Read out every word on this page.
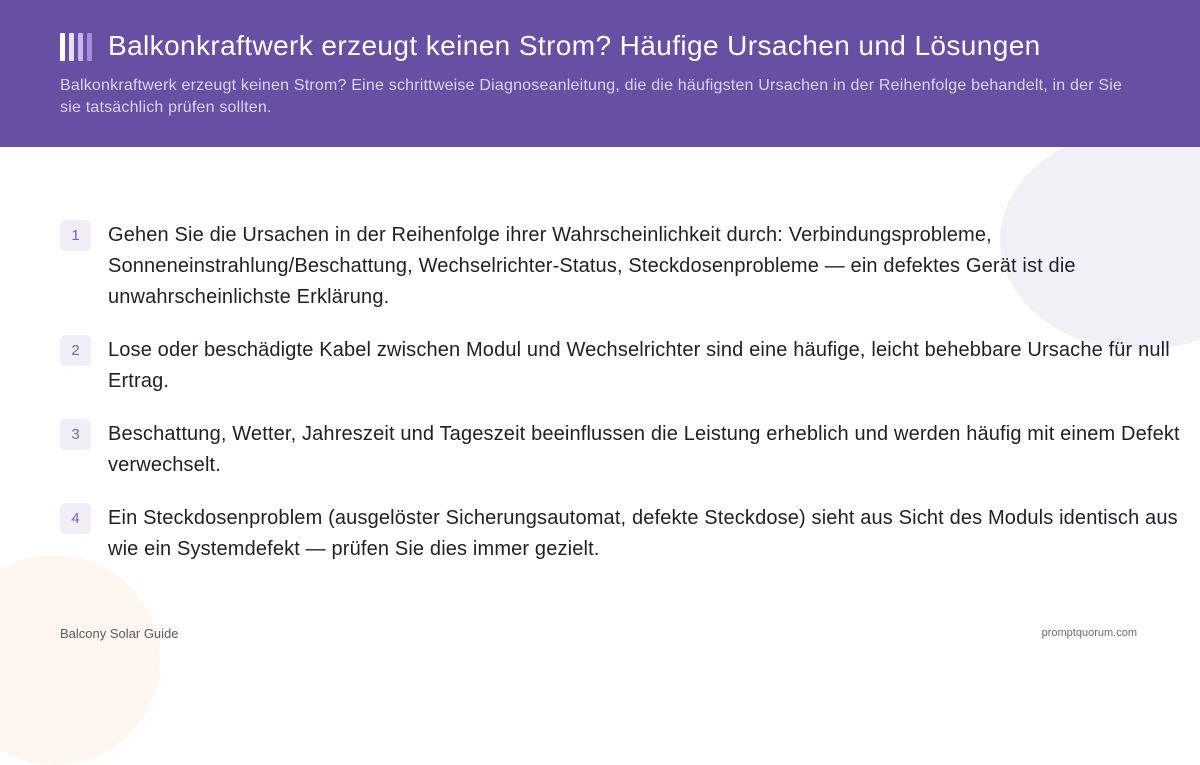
Balkonkraftwerk erzeugt keinen Strom? Häufige Ursachen und Lösungen

Balkonkraftwerk erzeugt keinen Strom? Eine schrittweise Diagnoseanleitung, die die häufigsten Ursachen in der Reihenfolge behandelt, in der Sie sie tatsächlich prüfen sollten.

1	Gehen Sie die Ursachen in der Reihenfolge ihrer Wahrscheinlichkeit durch: Verbindungsprobleme, Sonneneinstrahlung/Beschattung, Wechselrichter-Status, Steckdosenprobleme — ein defektes Gerät ist die unwahrscheinlichste Erklärung.
2	Lose oder beschädigte Kabel zwischen Modul und Wechselrichter sind eine häufige, leicht behebbare Ursache für null Ertrag.
3	Beschattung, Wetter, Jahreszeit und Tageszeit beeinflussen die Leistung erheblich und werden häufig mit einem Defekt verwechselt.
4	Ein Steckdosenproblem (ausgelöster Sicherungsautomat, defekte Steckdose) sieht aus Sicht des Moduls identisch aus wie ein Systemdefekt — prüfen Sie dies immer gezielt.
Balcony Solar Guide	promptquorum.com
